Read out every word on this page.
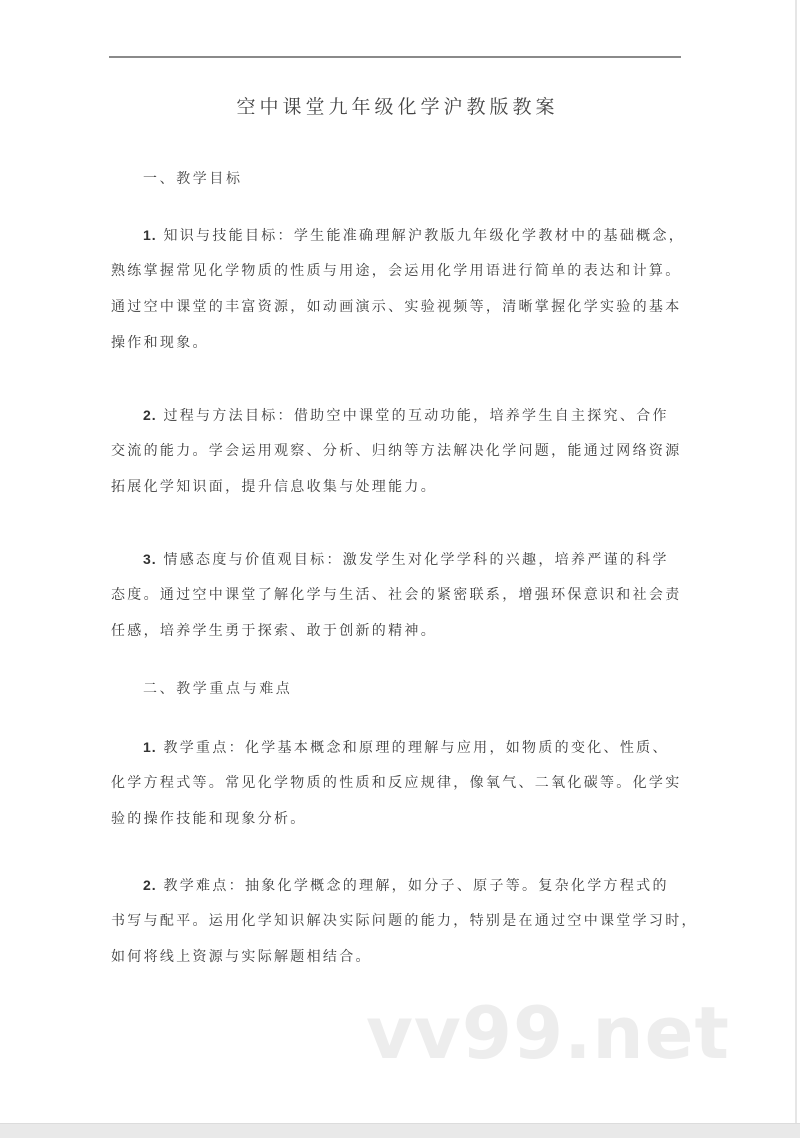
空中课堂九年级化学沪教版教案
一、教学目标
1. 知识与技能目标：学生能准确理解沪教版九年级化学教材中的基础概念，
熟练掌握常见化学物质的性质与用途，会运用化学用语进行简单的表达和计算。
通过空中课堂的丰富资源，如动画演示、实验视频等，清晰掌握化学实验的基本
操作和现象。
2. 过程与方法目标：借助空中课堂的互动功能，培养学生自主探究、合作
交流的能力。学会运用观察、分析、归纳等方法解决化学问题，能通过网络资源
拓展化学知识面，提升信息收集与处理能力。
3. 情感态度与价值观目标：激发学生对化学学科的兴趣，培养严谨的科学
态度。通过空中课堂了解化学与生活、社会的紧密联系，增强环保意识和社会责
任感，培养学生勇于探索、敢于创新的精神。
二、教学重点与难点
1. 教学重点：化学基本概念和原理的理解与应用，如物质的变化、性质、
化学方程式等。常见化学物质的性质和反应规律，像氧气、二氧化碳等。化学实
验的操作技能和现象分析。
2. 教学难点：抽象化学概念的理解，如分子、原子等。复杂化学方程式的
书写与配平。运用化学知识解决实际问题的能力，特别是在通过空中课堂学习时，
如何将线上资源与实际解题相结合。
vv99.net
